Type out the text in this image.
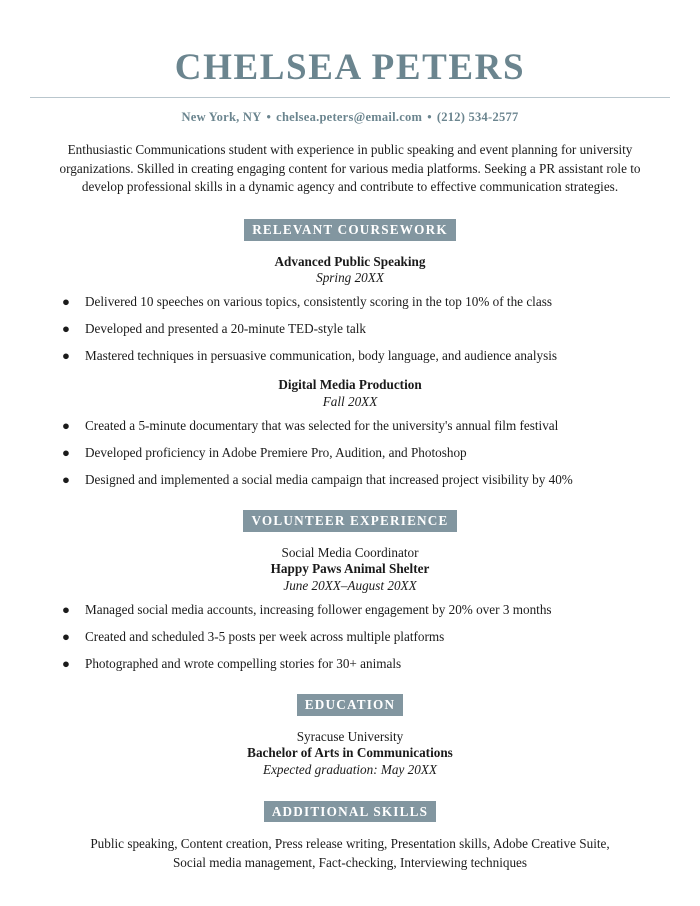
CHELSEA PETERS
New York, NY • chelsea.peters@email.com • (212) 534-2577

Enthusiastic Communications student with experience in public speaking and event planning for university organizations. Skilled in creating engaging content for various media platforms. Seeking a PR assistant role to develop professional skills in a dynamic agency and contribute to effective communication strategies.

RELEVANT COURSEWORK
Advanced Public Speaking
Spring 20XX
● Delivered 10 speeches on various topics, consistently scoring in the top 10% of the class
● Developed and presented a 20-minute TED-style talk
● Mastered techniques in persuasive communication, body language, and audience analysis
Digital Media Production
Fall 20XX
● Created a 5-minute documentary that was selected for the university's annual film festival
● Developed proficiency in Adobe Premiere Pro, Audition, and Photoshop
● Designed and implemented a social media campaign that increased project visibility by 40%
VOLUNTEER EXPERIENCE
Social Media Coordinator
Happy Paws Animal Shelter
June 20XX–August 20XX
● Managed social media accounts, increasing follower engagement by 20% over 3 months
● Created and scheduled 3-5 posts per week across multiple platforms
● Photographed and wrote compelling stories for 30+ animals
EDUCATION
Syracuse University
Bachelor of Arts in Communications
Expected graduation: May 20XX
ADDITIONAL SKILLS
Public speaking, Content creation, Press release writing, Presentation skills, Adobe Creative Suite,
Social media management, Fact-checking, Interviewing techniques
